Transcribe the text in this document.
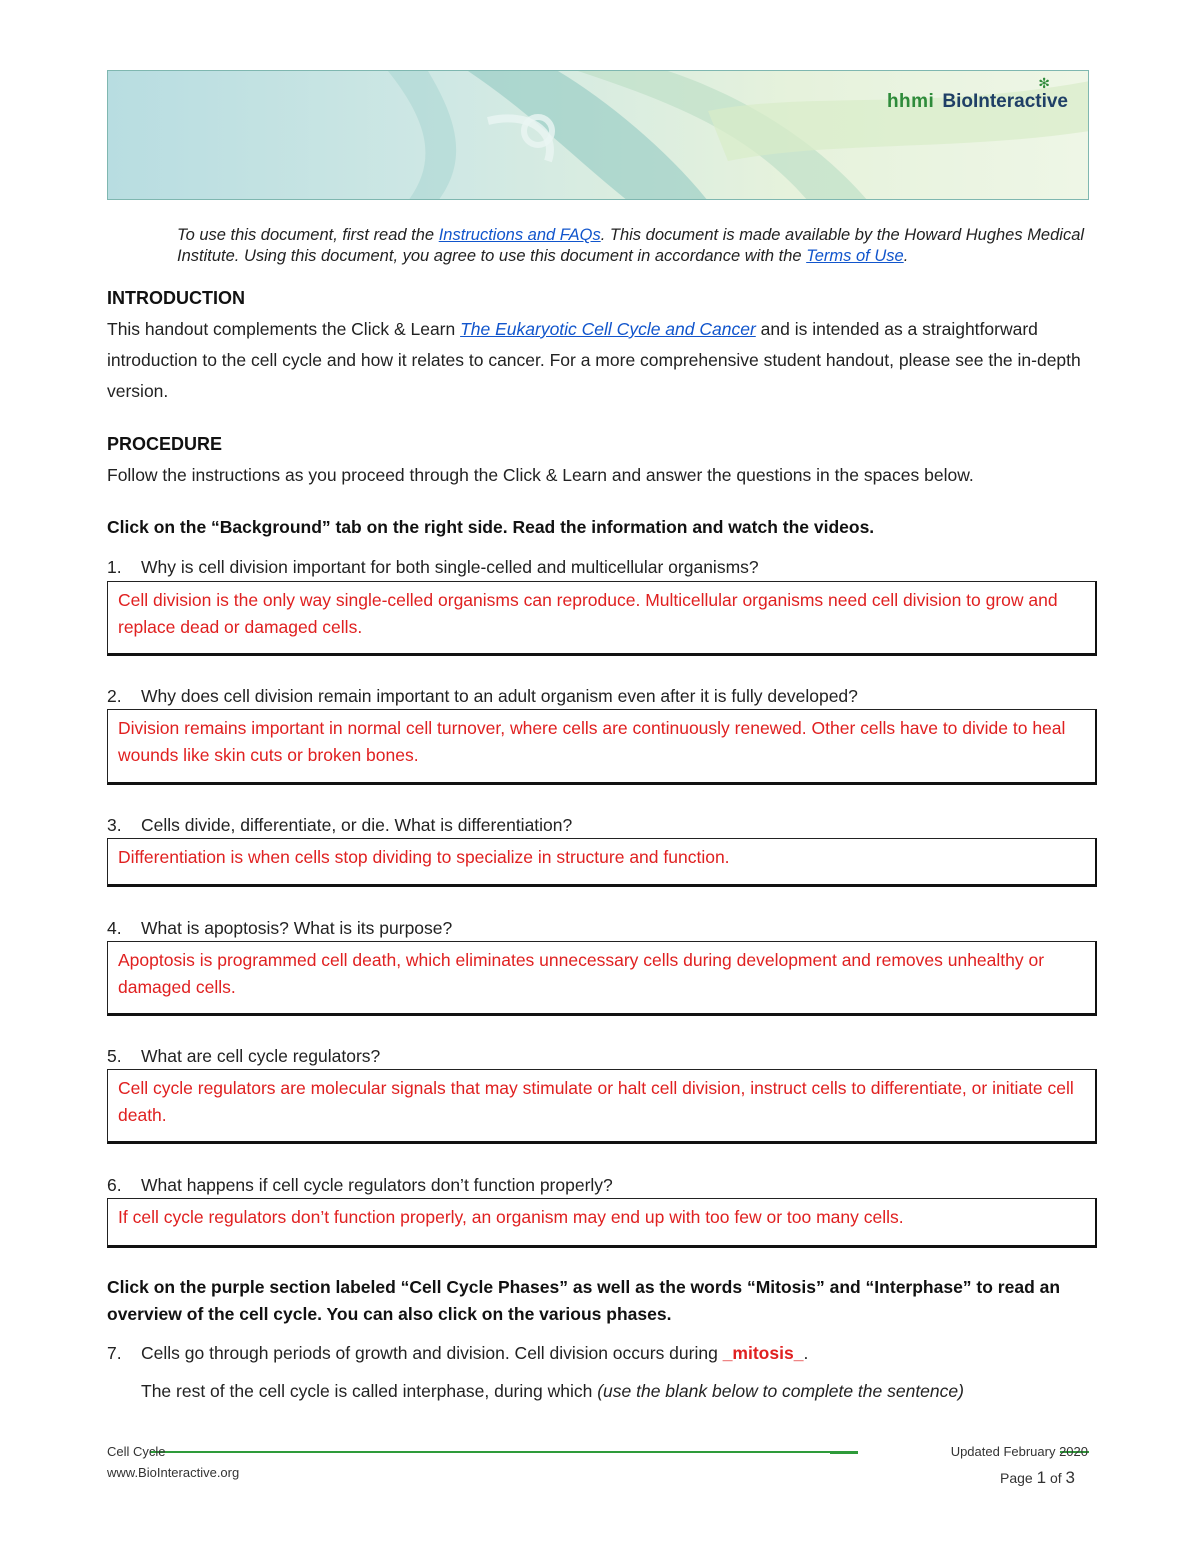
✻
hhmi BioInteractive
To use this document, first read the Instructions and FAQs. This document is made available by the Howard Hughes Medical Institute. Using this document, you agree to use this document in accordance with the Terms of Use.
INTRODUCTION
This handout complements the Click & Learn The Eukaryotic Cell Cycle and Cancer and is intended as a straightforward introduction to the cell cycle and how it relates to cancer. For a more comprehensive student handout, please see the in-depth version.
PROCEDURE
Follow the instructions as you proceed through the Click & Learn and answer the questions in the spaces below.
Click on the “Background” tab on the right side. Read the information and watch the videos.
1. Why is cell division important for both single-celled and multicellular organisms?
Cell division is the only way single-celled organisms can reproduce. Multicellular organisms need cell division to grow and replace dead or damaged cells.
2. Why does cell division remain important to an adult organism even after it is fully developed?
Division remains important in normal cell turnover, where cells are continuously renewed. Other cells have to divide to heal wounds like skin cuts or broken bones.
3. Cells divide, differentiate, or die. What is differentiation?
Differentiation is when cells stop dividing to specialize in structure and function.
4. What is apoptosis? What is its purpose?
Apoptosis is programmed cell death, which eliminates unnecessary cells during development and removes unhealthy or damaged cells.
5. What are cell cycle regulators?
Cell cycle regulators are molecular signals that may stimulate or halt cell division, instruct cells to differentiate, or initiate cell death.
6. What happens if cell cycle regulators don’t function properly?
If cell cycle regulators don’t function properly, an organism may end up with too few or too many cells.
Click on the purple section labeled “Cell Cycle Phases” as well as the words “Mitosis” and “Interphase” to read an overview of the cell cycle. You can also click on the various phases.
7. Cells go through periods of growth and division. Cell division occurs during _mitosis_.
The rest of the cell cycle is called interphase, during which (use the blank below to complete the sentence)
Cell Cycle
www.BioInteractive.org
Updated February 2020
Page 1 of 3
